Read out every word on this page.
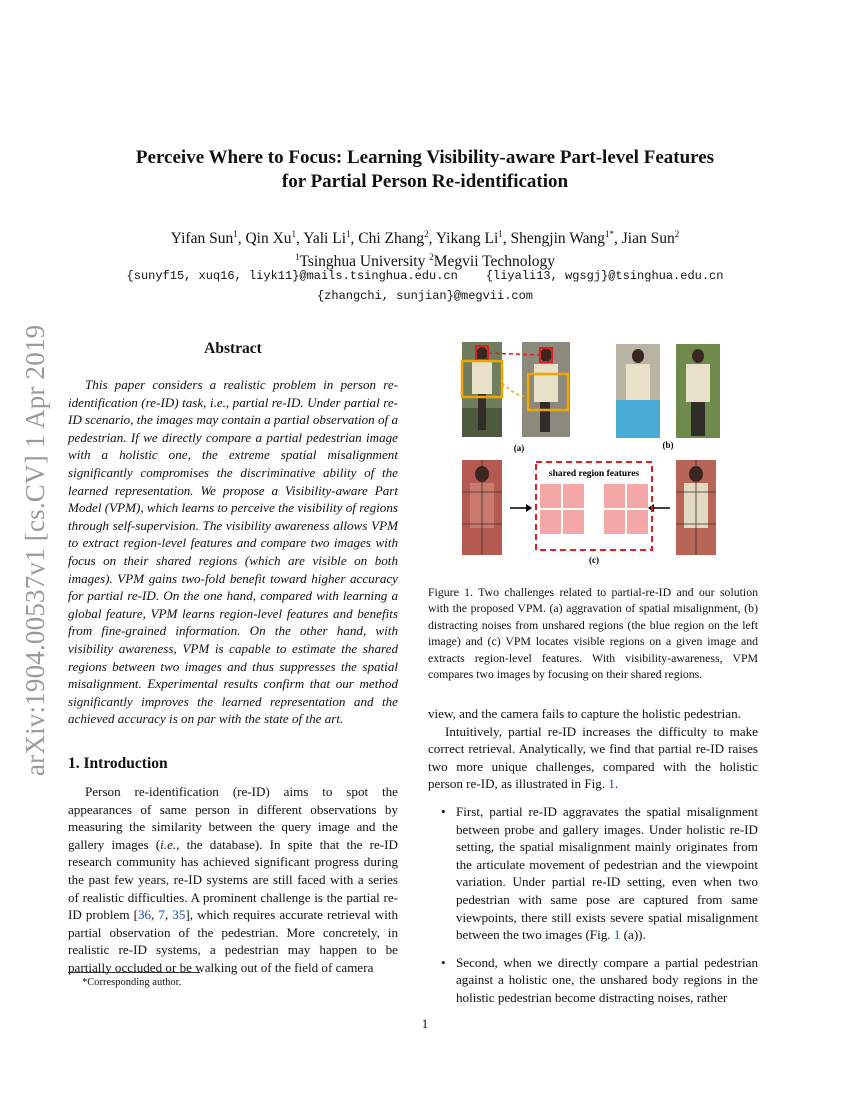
arXiv:1904.00537v1 [cs.CV] 1 Apr 2019
Perceive Where to Focus: Learning Visibility-aware Part-level Features
for Partial Person Re-identification
Yifan Sun$^1$, Qin Xu$^1$, Yali Li$^1$, Chi Zhang$^2$, Yikang Li$^1$, Shengjin Wang$^{1*}$, Jian Sun$^2$
$^1$Tsinghua University $^2$Megvii Technology
{sunyf15, xuq16, liyk11}@mails.tsinghua.edu.cn {liyali13, wgsgj}@tsinghua.edu.cn
{zhangchi, sunjian}@megvii.com
Abstract
This paper considers a realistic problem in person re-identification (re-ID) task, i.e., partial re-ID. Under partial re-ID scenario, the images may contain a partial observation of a pedestrian. If we directly compare a partial pedestrian image with a holistic one, the extreme spatial misalignment significantly compromises the discriminative ability of the learned representation. We propose a Visibility-aware Part Model (VPM), which learns to perceive the visibility of regions through self-supervision. The visibility awareness allows VPM to extract region-level features and compare two images with focus on their shared regions (which are visible on both images). VPM gains two-fold benefit toward higher accuracy for partial re-ID. On the one hand, compared with learning a global feature, VPM learns region-level features and benefits from fine-grained information. On the other hand, with visibility awareness, VPM is capable to estimate the shared regions between two images and thus suppresses the spatial misalignment. Experimental results confirm that our method significantly improves the learned representation and the achieved accuracy is on par with the state of the art.
1. Introduction
Person re-identification (re-ID) aims to spot the appearances of same person in different observations by measuring the similarity between the query image and the gallery images (i.e., the database). In spite that the re-ID research community has achieved significant progress during the past few years, re-ID systems are still faced with a series of realistic difficulties. A prominent challenge is the partial re-ID problem [36, 7, 35], which requires accurate retrieval with partial observation of the pedestrian. More concretely, in realistic re-ID systems, a pedestrian may happen to be partially occluded or be walking out of the field of camera
*Corresponding author.
(a)	(b)
shared region features
(c)
Figure 1. Two challenges related to partial-re-ID and our solution with the proposed VPM. (a) aggravation of spatial misalignment, (b) distracting noises from unshared regions (the blue region on the left image) and (c) VPM locates visible regions on a given image and extracts region-level features. With visibility-awareness, VPM compares two images by focusing on their shared regions.

view, and the camera fails to capture the holistic pedestrian.

Intuitively, partial re-ID increases the difficulty to make correct retrieval. Analytically, we find that partial re-ID raises two more unique challenges, compared with the holistic person re-ID, as illustrated in Fig. 1.

• First, partial re-ID aggravates the spatial misalignment between probe and gallery images. Under holistic re-ID setting, the spatial misalignment mainly originates from the articulate movement of pedestrian and the viewpoint variation. Under partial re-ID setting, even when two pedestrian with same pose are captured from same viewpoints, there still exists severe spatial misalignment between the two images (Fig. 1 (a)).
• Second, when we directly compare a partial pedestrian against a holistic one, the unshared body regions in the holistic pedestrian become distracting noises, rather
1
